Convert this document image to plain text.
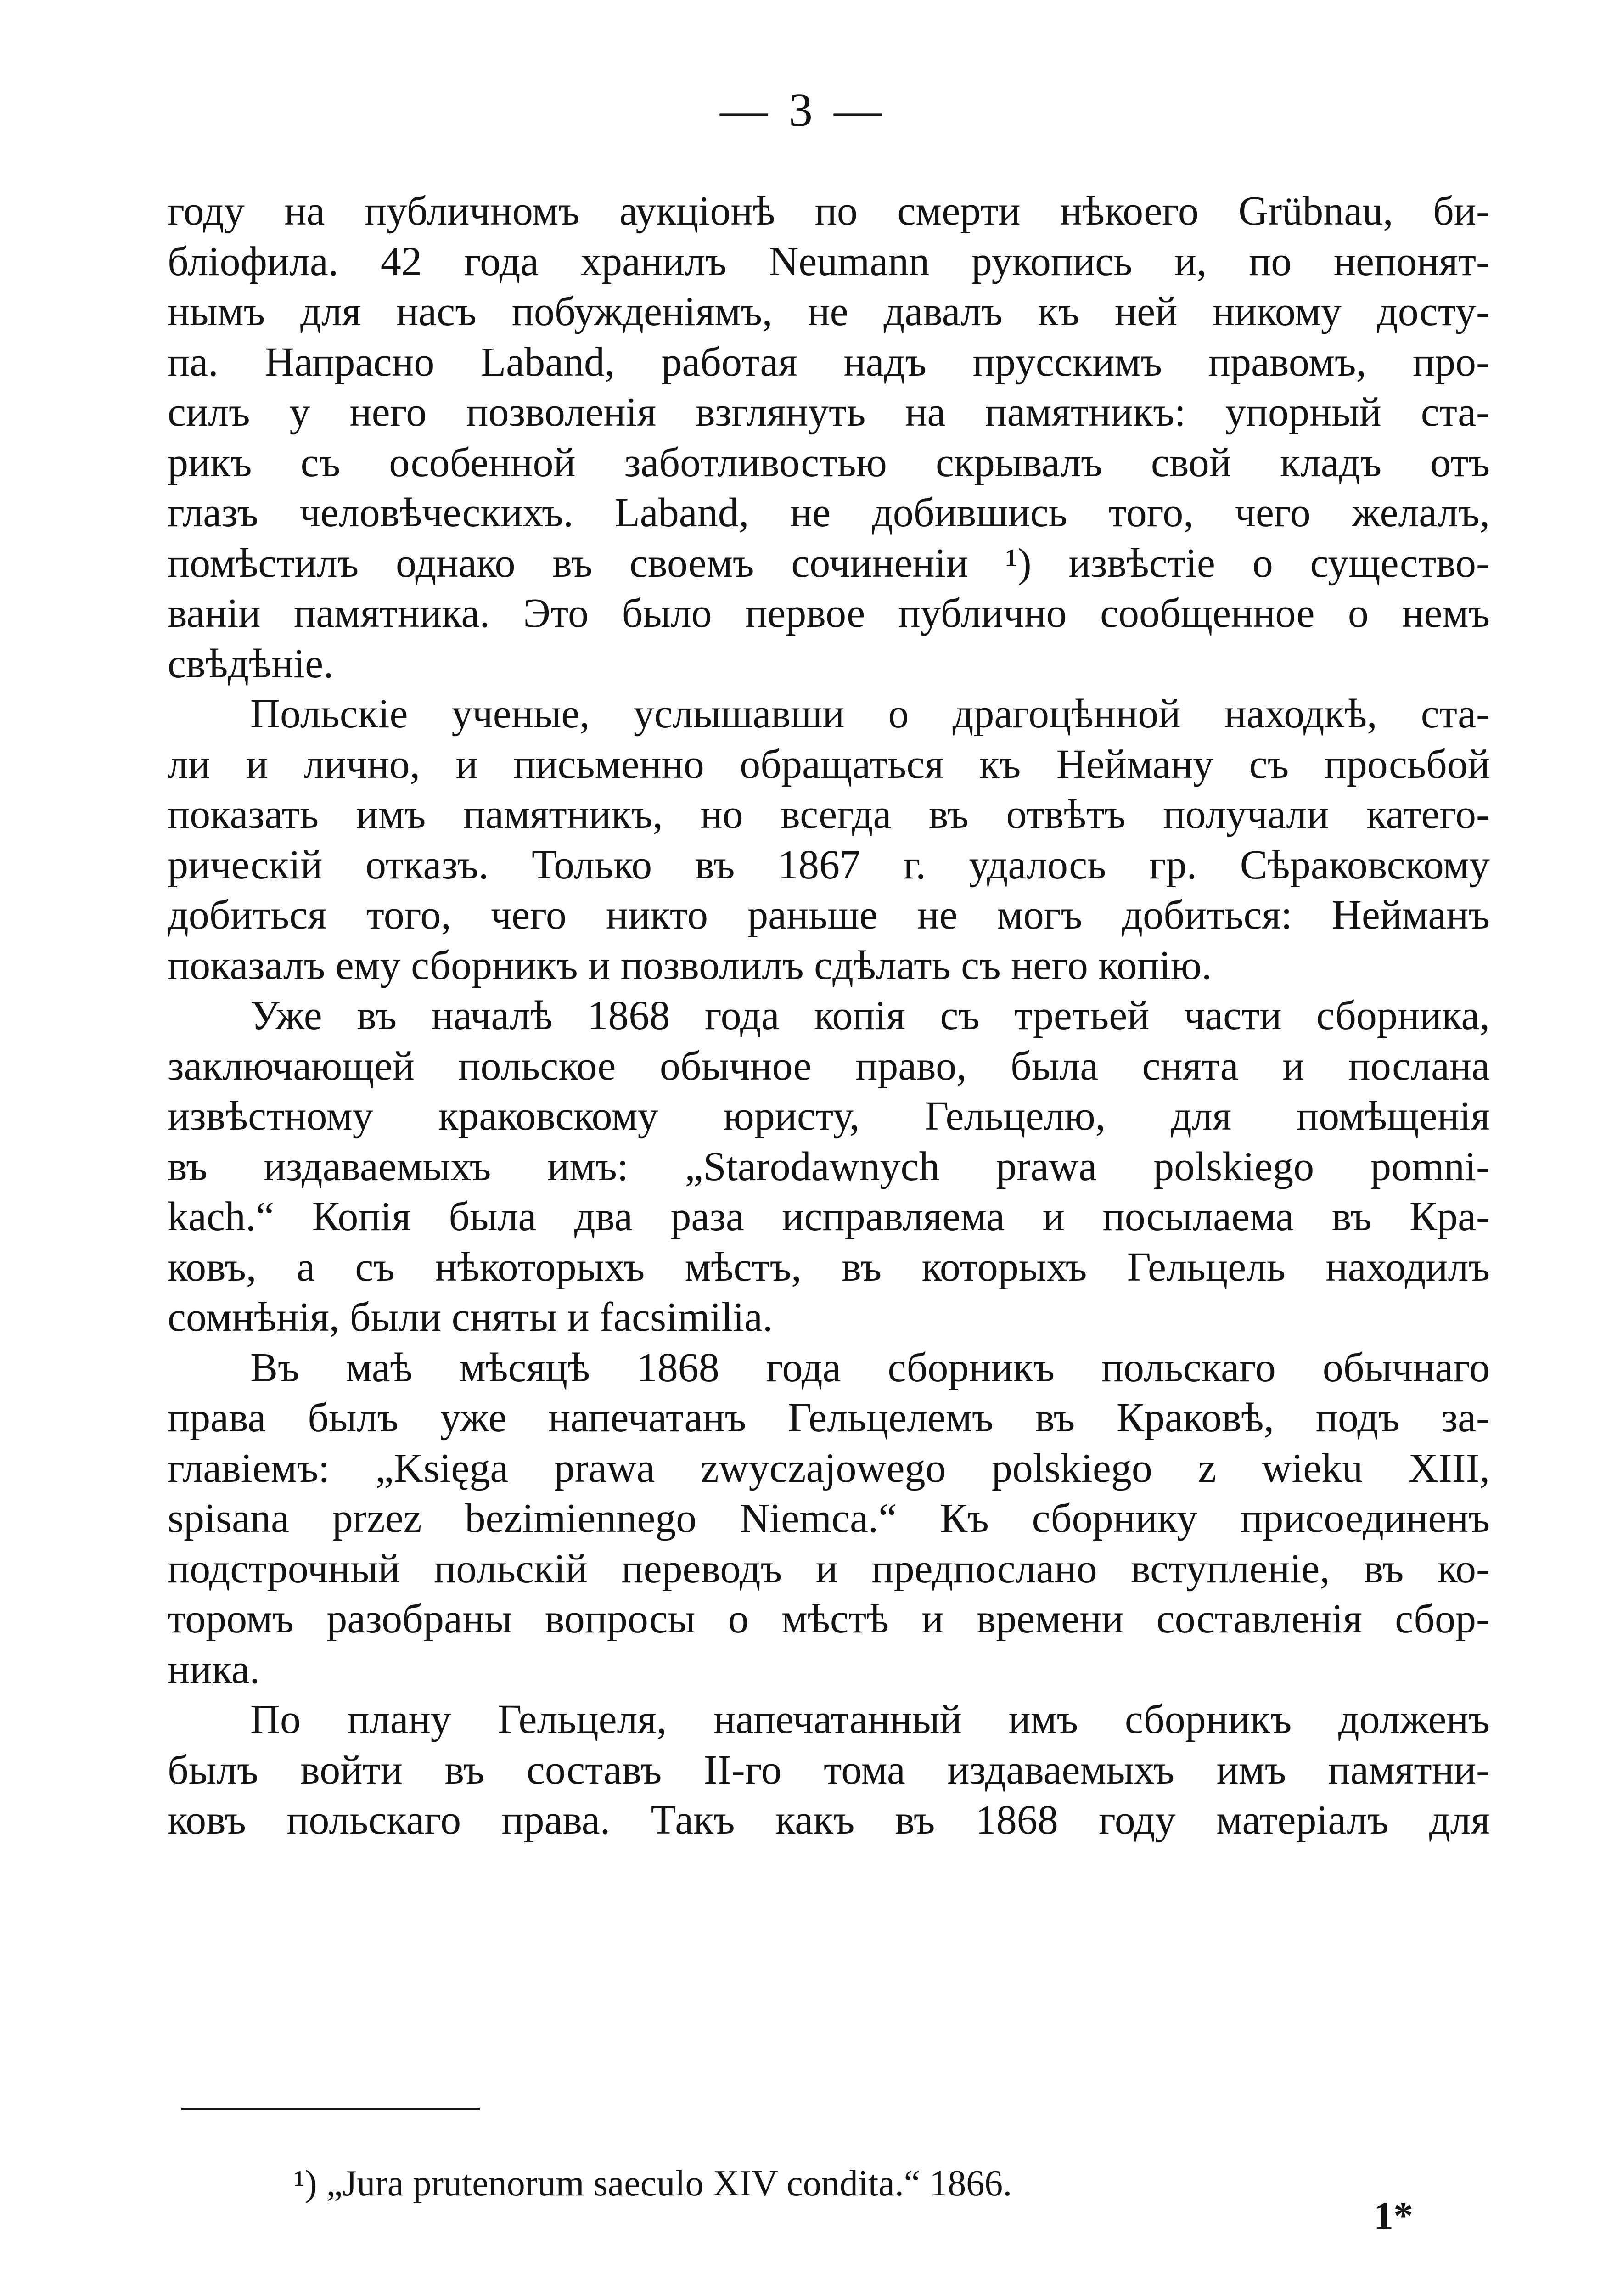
— 3 —
году на публичномъ аукціонѣ по смерти нѣкоего Grübnau, би-
бліофила. 42 года хранилъ Neumann рукопись и, по непонят-
нымъ для насъ побужденіямъ, не давалъ къ ней никому досту-
па. Напрасно Laband, работая надъ прусскимъ правомъ, про-
силъ у него позволенія взглянуть на памятникъ: упорный ста-
рикъ съ особенной заботливостью скрывалъ свой кладъ отъ
глазъ человѣческихъ. Laband, не добившись того, чего желалъ,
помѣстилъ однако въ своемъ сочиненіи ¹) извѣстіе о существо-
ваніи памятника. Это было первое публично сообщенное о немъ
свѣдѣніе.
Польскіе ученые, услышавши о драгоцѣнной находкѣ, ста-
ли и лично, и письменно обращаться къ Нейману съ просьбой
показать имъ памятникъ, но всегда въ отвѣтъ получали катего-
рическій отказъ. Только въ 1867 г. удалось гр. Сѣраковскому
добиться того, чего никто раньше не могъ добиться: Нейманъ
показалъ ему сборникъ и позволилъ сдѣлать съ него копію.
Уже въ началѣ 1868 года копія съ третьей части сборника,
заключающей польское обычное право, была снята и послана
извѣстному краковскому юристу, Гельцелю, для помѣщенія
въ издаваемыхъ имъ: „Starodawnych prawa polskiego pomni-
kach.“ Копія была два раза исправляема и посылаема въ Кра-
ковъ, а съ нѣкоторыхъ мѣстъ, въ которыхъ Гельцель находилъ
сомнѣнія, были сняты и facsimilia.
Въ маѣ мѣсяцѣ 1868 года сборникъ польскаго обычнаго
права былъ уже напечатанъ Гельцелемъ въ Краковѣ, подъ за-
главіемъ: „Księga prawa zwyczajowego polskiego z wieku XIII,
spisana przez bezimiennego Niemca.“ Къ сборнику присоединенъ
подстрочный польскій переводъ и предпослано вступленіе, въ ко-
торомъ разобраны вопросы о мѣстѣ и времени составленія сбор-
ника.
По плану Гельцеля, напечатанный имъ сборникъ долженъ
былъ войти въ составъ II-го тома издаваемыхъ имъ памятни-
ковъ польскаго права. Такъ какъ въ 1868 году матеріалъ для
¹) „Jura prutenorum saeculo XIV condita.“ 1866.
1*
